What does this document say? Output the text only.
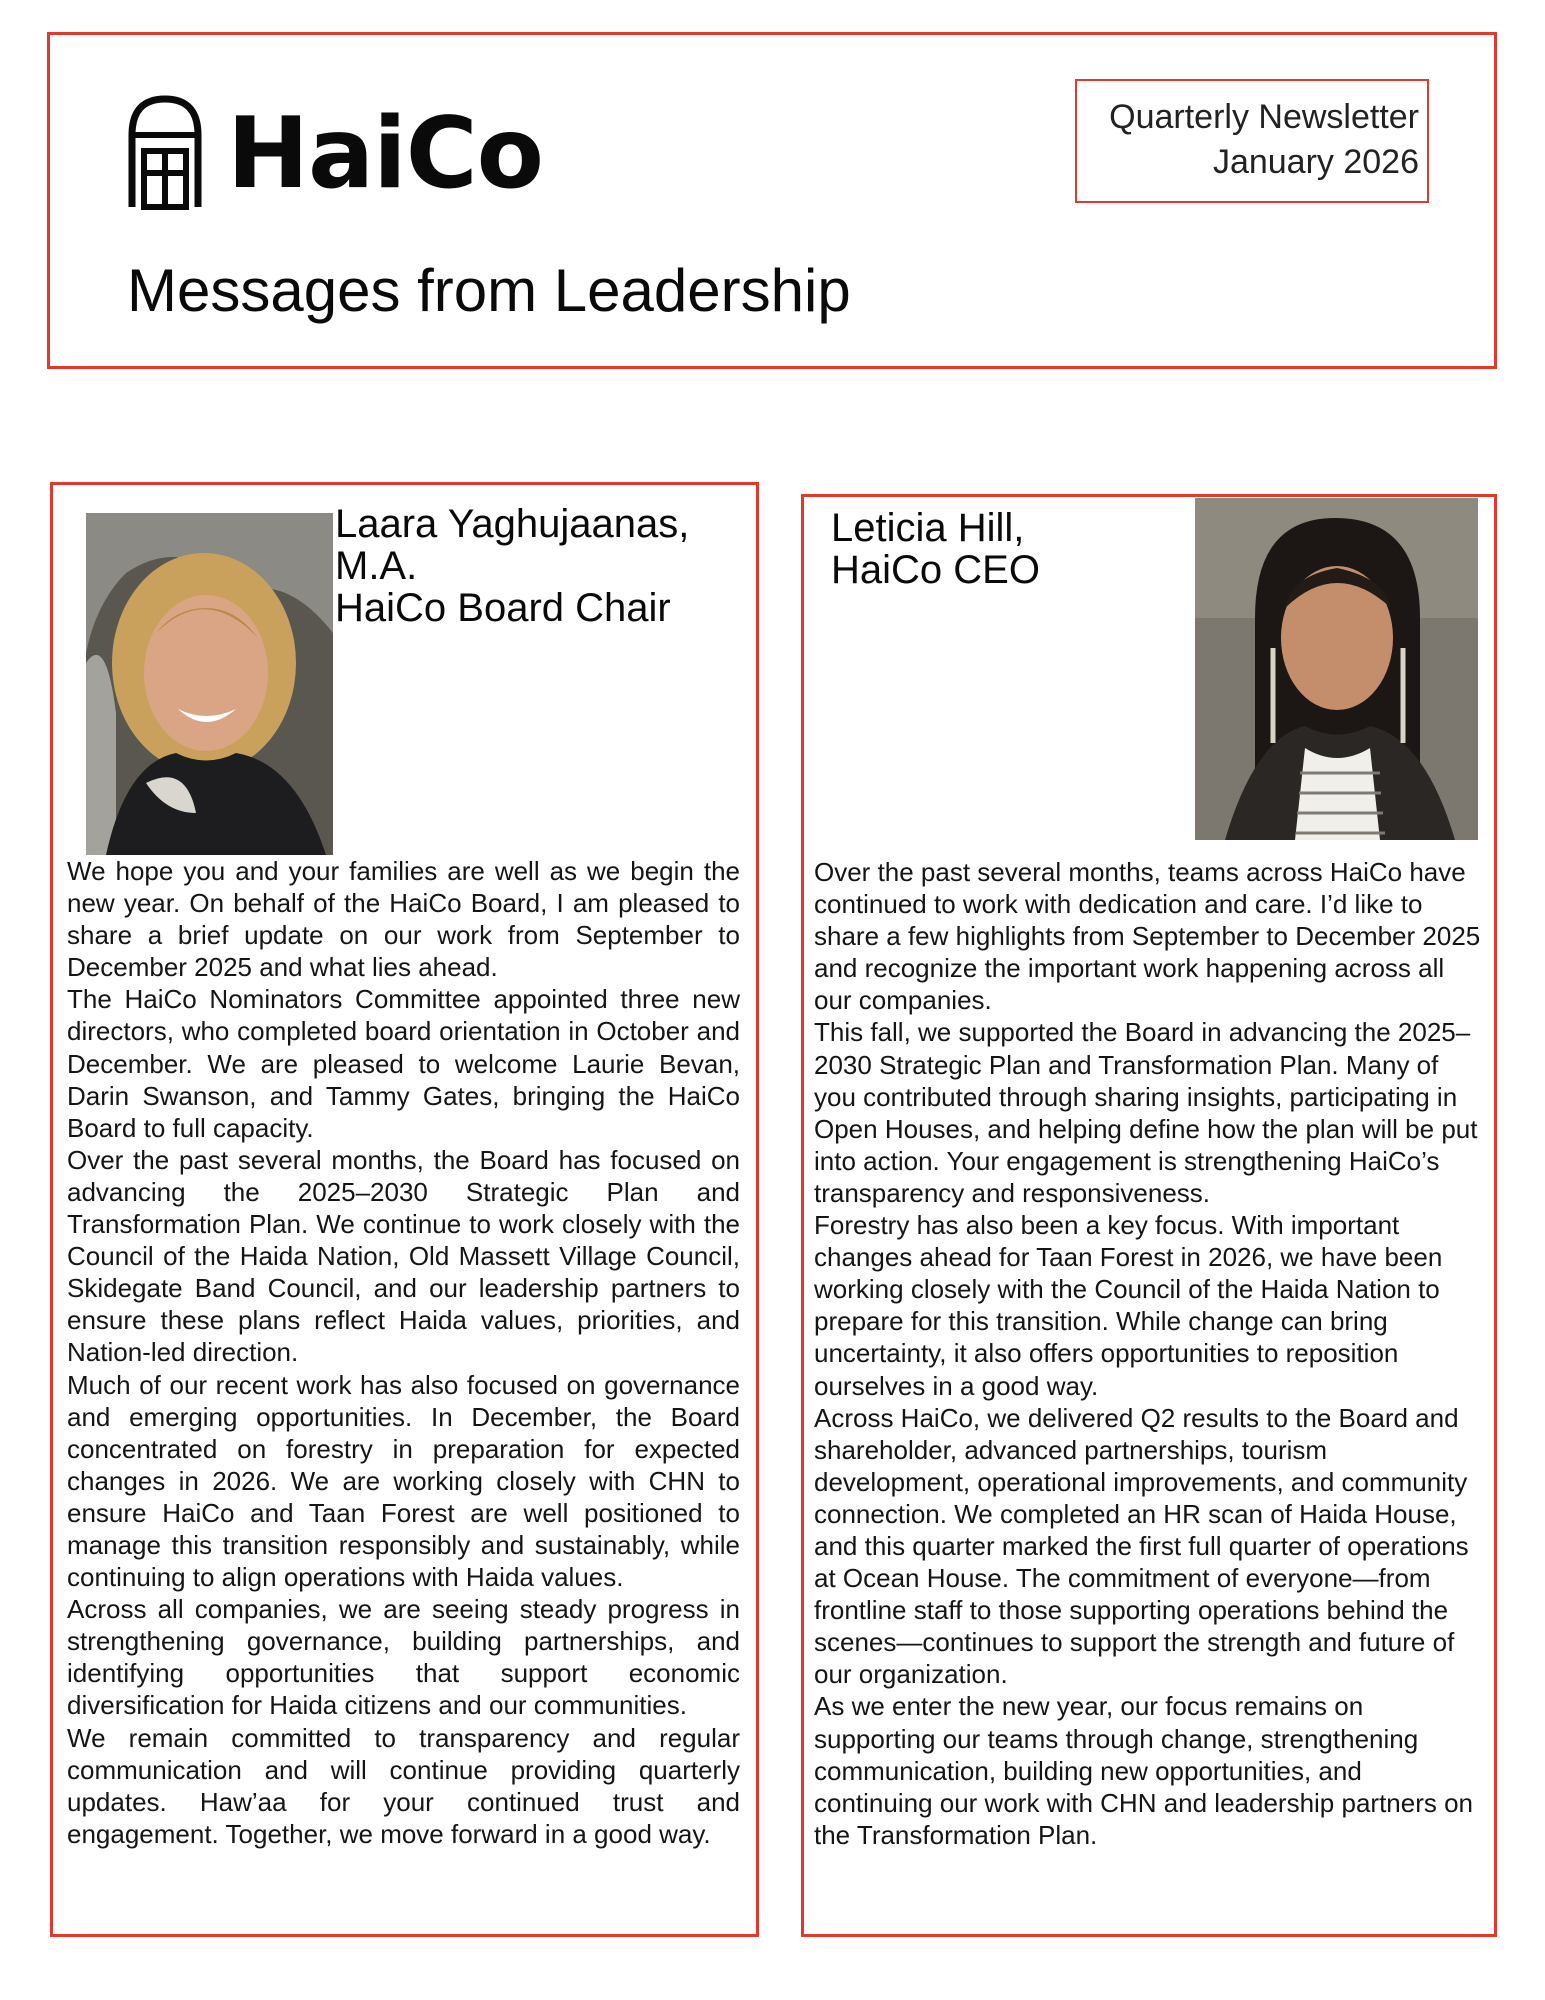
HaiCo
Messages from Leadership
Quarterly Newsletter
January 2026
Laara Yaghujaanas,
M.A.
HaiCo Board Chair

We hope you and your families are well as we begin the new year. On behalf of the HaiCo Board, I am pleased to share a brief update on our work from September to December 2025 and what lies ahead.

The HaiCo Nominators Committee appointed three new directors, who completed board orientation in October and December. We are pleased to welcome Laurie Bevan, Darin Swanson, and Tammy Gates, bringing the HaiCo Board to full capacity.

Over the past several months, the Board has focused on advancing the 2025–2030 Strategic Plan and Transformation Plan. We continue to work closely with the Council of the Haida Nation, Old Massett Village Council, Skidegate Band Council, and our leadership partners to ensure these plans reflect Haida values, priorities, and Nation-led direction.

Much of our recent work has also focused on governance and emerging opportunities. In December, the Board concentrated on forestry in preparation for expected changes in 2026. We are working closely with CHN to ensure HaiCo and Taan Forest are well positioned to manage this transition responsibly and sustainably, while continuing to align operations with Haida values.

Across all companies, we are seeing steady progress in strengthening governance, building partnerships, and identifying opportunities that support economic diversification for Haida citizens and our communities.

We remain committed to transparency and regular communication and will continue providing quarterly updates. Haw’aa for your continued trust and engagement. Together, we move forward in a good way.

Leticia Hill,
HaiCo CEO

Over the past several months, teams across HaiCo have continued to work with dedication and care. I’d like to share a few highlights from September to December 2025 and recognize the important work happening across all our companies.

This fall, we supported the Board in advancing the 2025–2030 Strategic Plan and Transformation Plan. Many of you contributed through sharing insights, participating in Open Houses, and helping define how the plan will be put into action. Your engagement is strengthening HaiCo’s transparency and responsiveness.

Forestry has also been a key focus. With important changes ahead for Taan Forest in 2026, we have been working closely with the Council of the Haida Nation to prepare for this transition. While change can bring uncertainty, it also offers opportunities to reposition ourselves in a good way.

Across HaiCo, we delivered Q2 results to the Board and shareholder, advanced partnerships, tourism development, operational improvements, and community connection. We completed an HR scan of Haida House, and this quarter marked the first full quarter of operations at Ocean House. The commitment of everyone—from frontline staff to those supporting operations behind the scenes—continues to support the strength and future of our organization.

As we enter the new year, our focus remains on supporting our teams through change, strengthening communication, building new opportunities, and continuing our work with CHN and leadership partners on the Transformation Plan.
